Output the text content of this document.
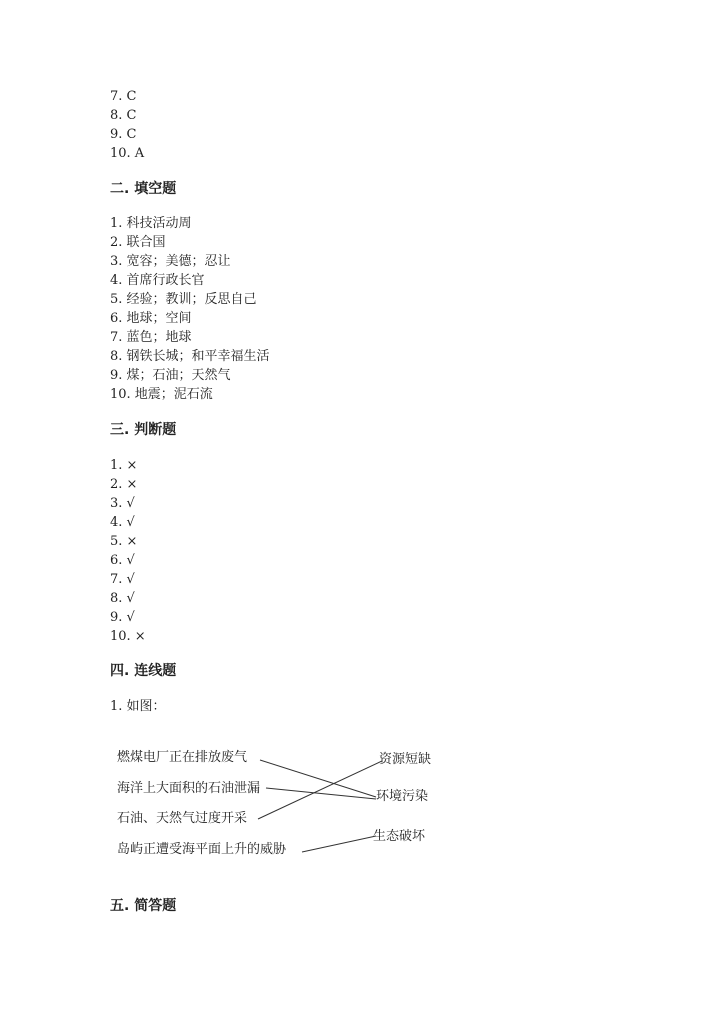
7. C
8. C
9. C
10. A
二. 填空题
1. 科技活动周
2. 联合国
3. 宽容；美德；忍让
4. 首席行政长官
5. 经验；教训；反思自己
6. 地球；空间
7. 蓝色；地球
8. 钢铁长城；和平幸福生活
9. 煤；石油；天然气
10. 地震；泥石流
三. 判断题
1. ×
2. ×
3. √
4. √
5. ×
6. √
7. √
8. √
9. √
10. ×
四. 连线题
1. 如图：
燃煤电厂正在排放废气
海洋上大面积的石油泄漏
石油、天然气过度开采
岛屿正遭受海平面上升的威胁
资源短缺
环境污染
生态破坏
五. 简答题
